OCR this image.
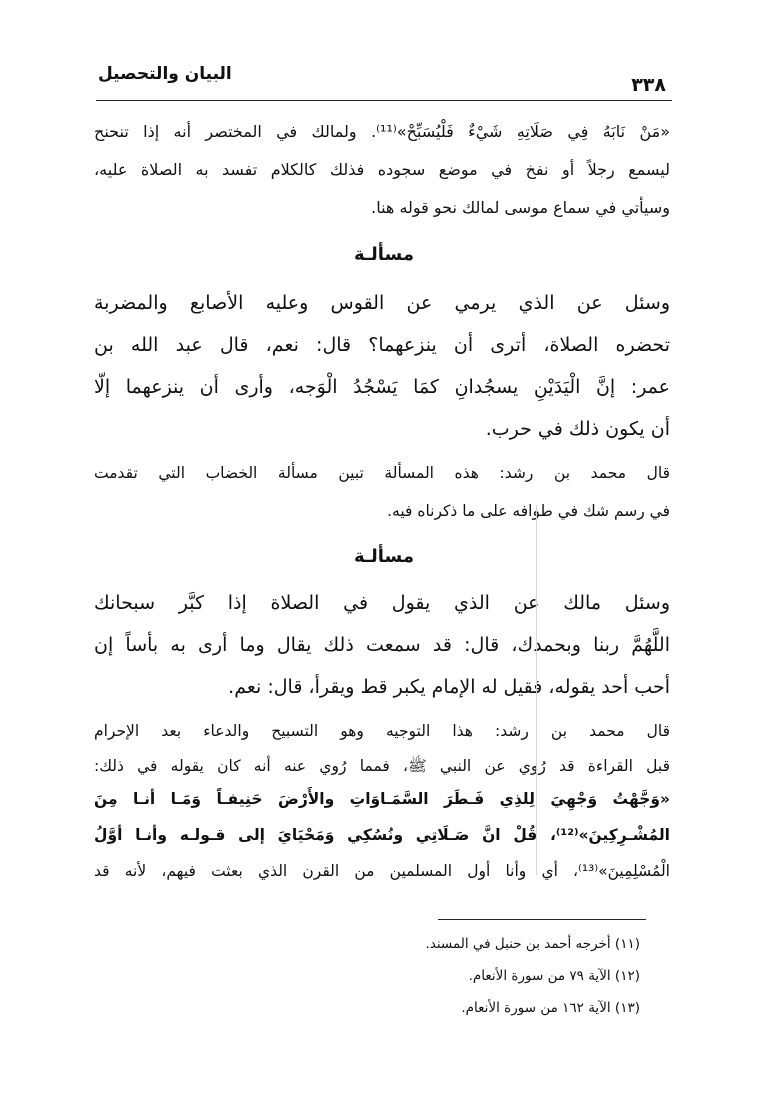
البيان والتحصيل	٣٣٨
«مَنْ نَابَهُ فِي صَلَاتِهِ شَيْءٌ فَلْيُسَبِّحْ»⁽¹¹⁾. ولمالك في المختصر أنه إذا تنحنح
ليسمع رجلاً أو نفخ في موضع سجوده فذلك كالكلام تفسد به الصلاة عليه،
وسيأتي في سماع موسى لمالك نحو قوله هنا.
مسألـة
وسئل عن الذي يرمي عن القوس وعليه الأصابع والمضربة
تحضره الصلاة، أترى أن ينزعهما؟ قال: نعم، قال عبد الله بن
عمر: إنَّ الْيَدَيْنِ يسجُدانِ كمَا يَسْجُدُ الْوَجه، وأرى أن ينزعهما إلّا
أن يكون ذلك في حرب.
قال محمد بن رشد: هذه المسألة تبين مسألة الخضاب التي تقدمت
في رسم شك في طوافه على ما ذكرناه فيه.
مسألـة
وسئل مالك عن الذي يقول في الصلاة إذا كبَّر سبحانك
اللَّهُمَّ ربنا وبحمدك، قال: قد سمعت ذلك يقال وما أرى به بأساً إن
أحب أحد يقوله، فقيل له الإمام يكبر قط ويقرأ، قال: نعم.
قال محمد بن رشد: هذا التوجيه وهو التسبيح والدعاء بعد الإحرام
قبل القراءة قد رُوي عن النبي ﷺ، فمما رُوي عنه أنه كان يقوله في ذلك:
«وَجَّهْتُ وَجْهِيَ لِلذِي فَـطَرَ السَّمَـاوَاتِ والأَرْضَ حَنِيفـاً وَمَـا أنـا مِنَ
المُشْـرِكِينَ»⁽¹²⁾، قُلْ انَّ صَـلَاتِي ونُسُكِي وَمَحْيَايَ إلى قـولـه وأنـا أوَّلُ
الْمُسْلِمِينَ»⁽¹³⁾، أي وأنا أول المسلمين من القرن الذي بعثت فيهم، لأنه قد
(١١) أخرجه أحمد بن حنبل في المسند.
(١٢) الآية ٧٩ من سورة الأنعام.
(١٣) الآية ١٦٢ من سورة الأنعام.
